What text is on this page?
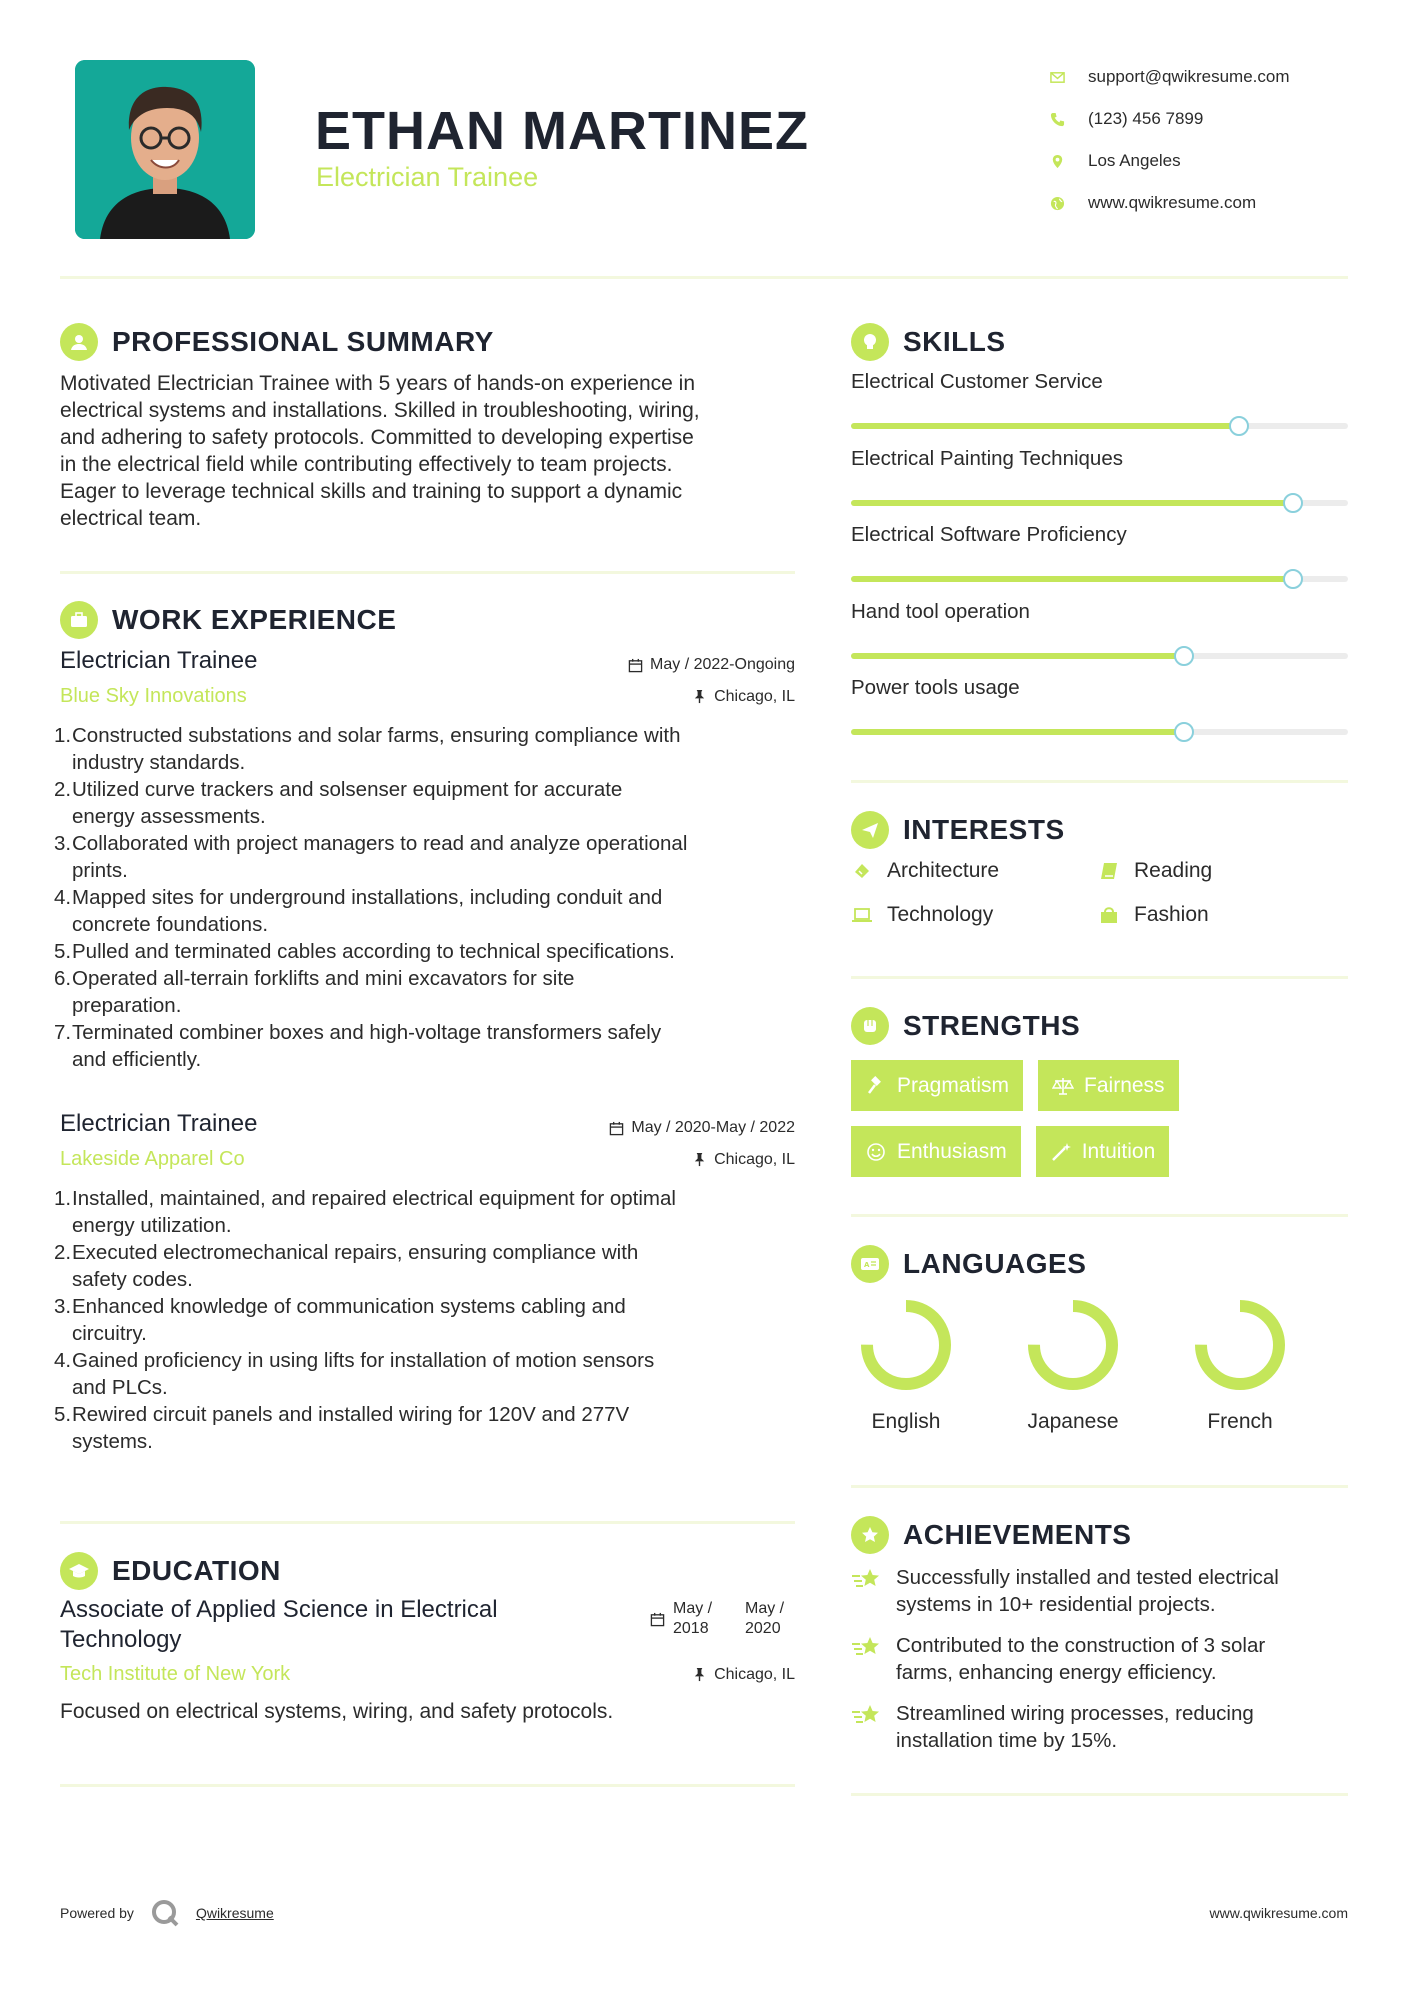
ETHAN MARTINEZ
Electrician Trainee
support@qwikresume.com
(123) 456 7899
Los Angeles
www.qwikresume.com
PROFESSIONAL SUMMARY
Motivated Electrician Trainee with 5 years of hands-on experience in
electrical systems and installations. Skilled in troubleshooting, wiring,
and adhering to safety protocols. Committed to developing expertise
in the electrical field while contributing effectively to team projects.
Eager to leverage technical skills and training to support a dynamic
electrical team.
WORK EXPERIENCE
Electrician Trainee	May / 2022-Ongoing
Blue Sky Innovations	Chicago, IL
1. Constructed substations and solar farms, ensuring compliance with
industry standards.
2. Utilized curve trackers and solsenser equipment for accurate
energy assessments.
3. Collaborated with project managers to read and analyze operational
prints.
4. Mapped sites for underground installations, including conduit and
concrete foundations.
5. Pulled and terminated cables according to technical specifications.
6. Operated all-terrain forklifts and mini excavators for site
preparation.
7. Terminated combiner boxes and high-voltage transformers safely
and efficiently.
Electrician Trainee	May / 2020-May / 2022
Lakeside Apparel Co	Chicago, IL
1. Installed, maintained, and repaired electrical equipment for optimal
energy utilization.
2. Executed electromechanical repairs, ensuring compliance with
safety codes.
3. Enhanced knowledge of communication systems cabling and
circuitry.
4. Gained proficiency in using lifts for installation of motion sensors
and PLCs.
5. Rewired circuit panels and installed wiring for 120V and 277V
systems.
EDUCATION
Associate of Applied Science in Electrical
Technology
May /
2018
May /
2020
Tech Institute of New York	Chicago, IL
Focused on electrical systems, wiring, and safety protocols.
SKILLS
Electrical Customer Service
Electrical Painting Techniques
Electrical Software Proficiency
Hand tool operation
Power tools usage
INTERESTS
Architecture	Reading
Technology	Fashion
STRENGTHS
Pragmatism	Fairness
Enthusiasm	Intuition
A LANGUAGES
English	Japanese	French
ACHIEVEMENTS
Successfully installed and tested electrical
systems in 10+ residential projects.
Contributed to the construction of 3 solar
farms, enhancing energy efficiency.
Streamlined wiring processes, reducing
installation time by 15%.
Powered by	Qwikresume	www.qwikresume.com
